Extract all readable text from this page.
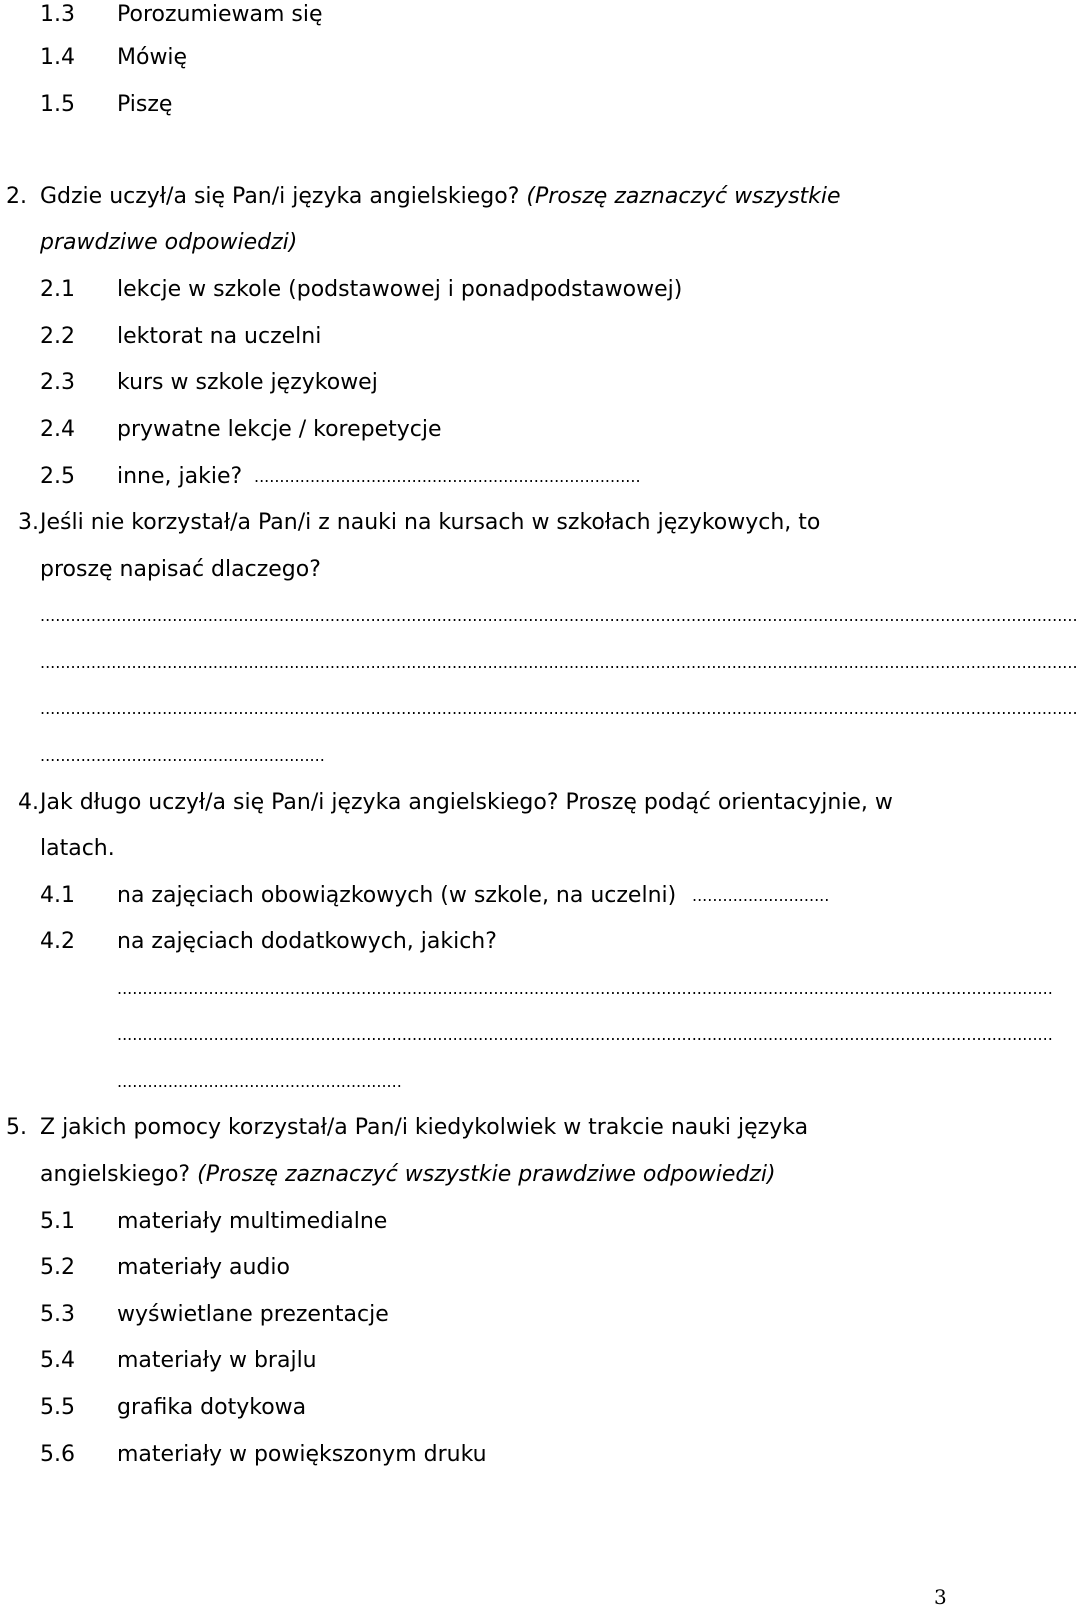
1.3 Porozumiewam się
1.4 Mówię
1.5 Piszę
2. Gdzie uczył/a się Pan/i języka angielskiego? (Proszę zaznaczyć wszystkie
prawdziwe odpowiedzi)
2.1 lekcje w szkole (podstawowej i ponadpodstawowej)
2.2 lektorat na uczelni
2.3 kurs w szkole językowej
2.4 prywatne lekcje / korepetycje
2.5 inne, jakie? ............................................................................
3. Jeśli nie korzystał/a Pan/i z nauki na kursach w szkołach językowych, to
proszę napisać dlaczego?
............................................................................................................................................................................................................
............................................................................................................................................................................................................
............................................................................................................................................................................................................
........................................................
4. Jak długo uczył/a się Pan/i języka angielskiego? Proszę podąć orientacyjnie, w
latach.
4.1 na zajęciach obowiązkowych (w szkole, na uczelni) ...........................
4.2 na zajęciach dodatkowych, jakich?
........................................................................................................................................................................................
........................................................................................................................................................................................
........................................................
5. Z jakich pomocy korzystał/a Pan/i kiedykolwiek w trakcie nauki języka
angielskiego? (Proszę zaznaczyć wszystkie prawdziwe odpowiedzi)
5.1 materiały multimedialne
5.2 materiały audio
5.3 wyświetlane prezentacje
5.4 materiały w brajlu
5.5 grafika dotykowa
5.6 materiały w powiększonym druku
3
